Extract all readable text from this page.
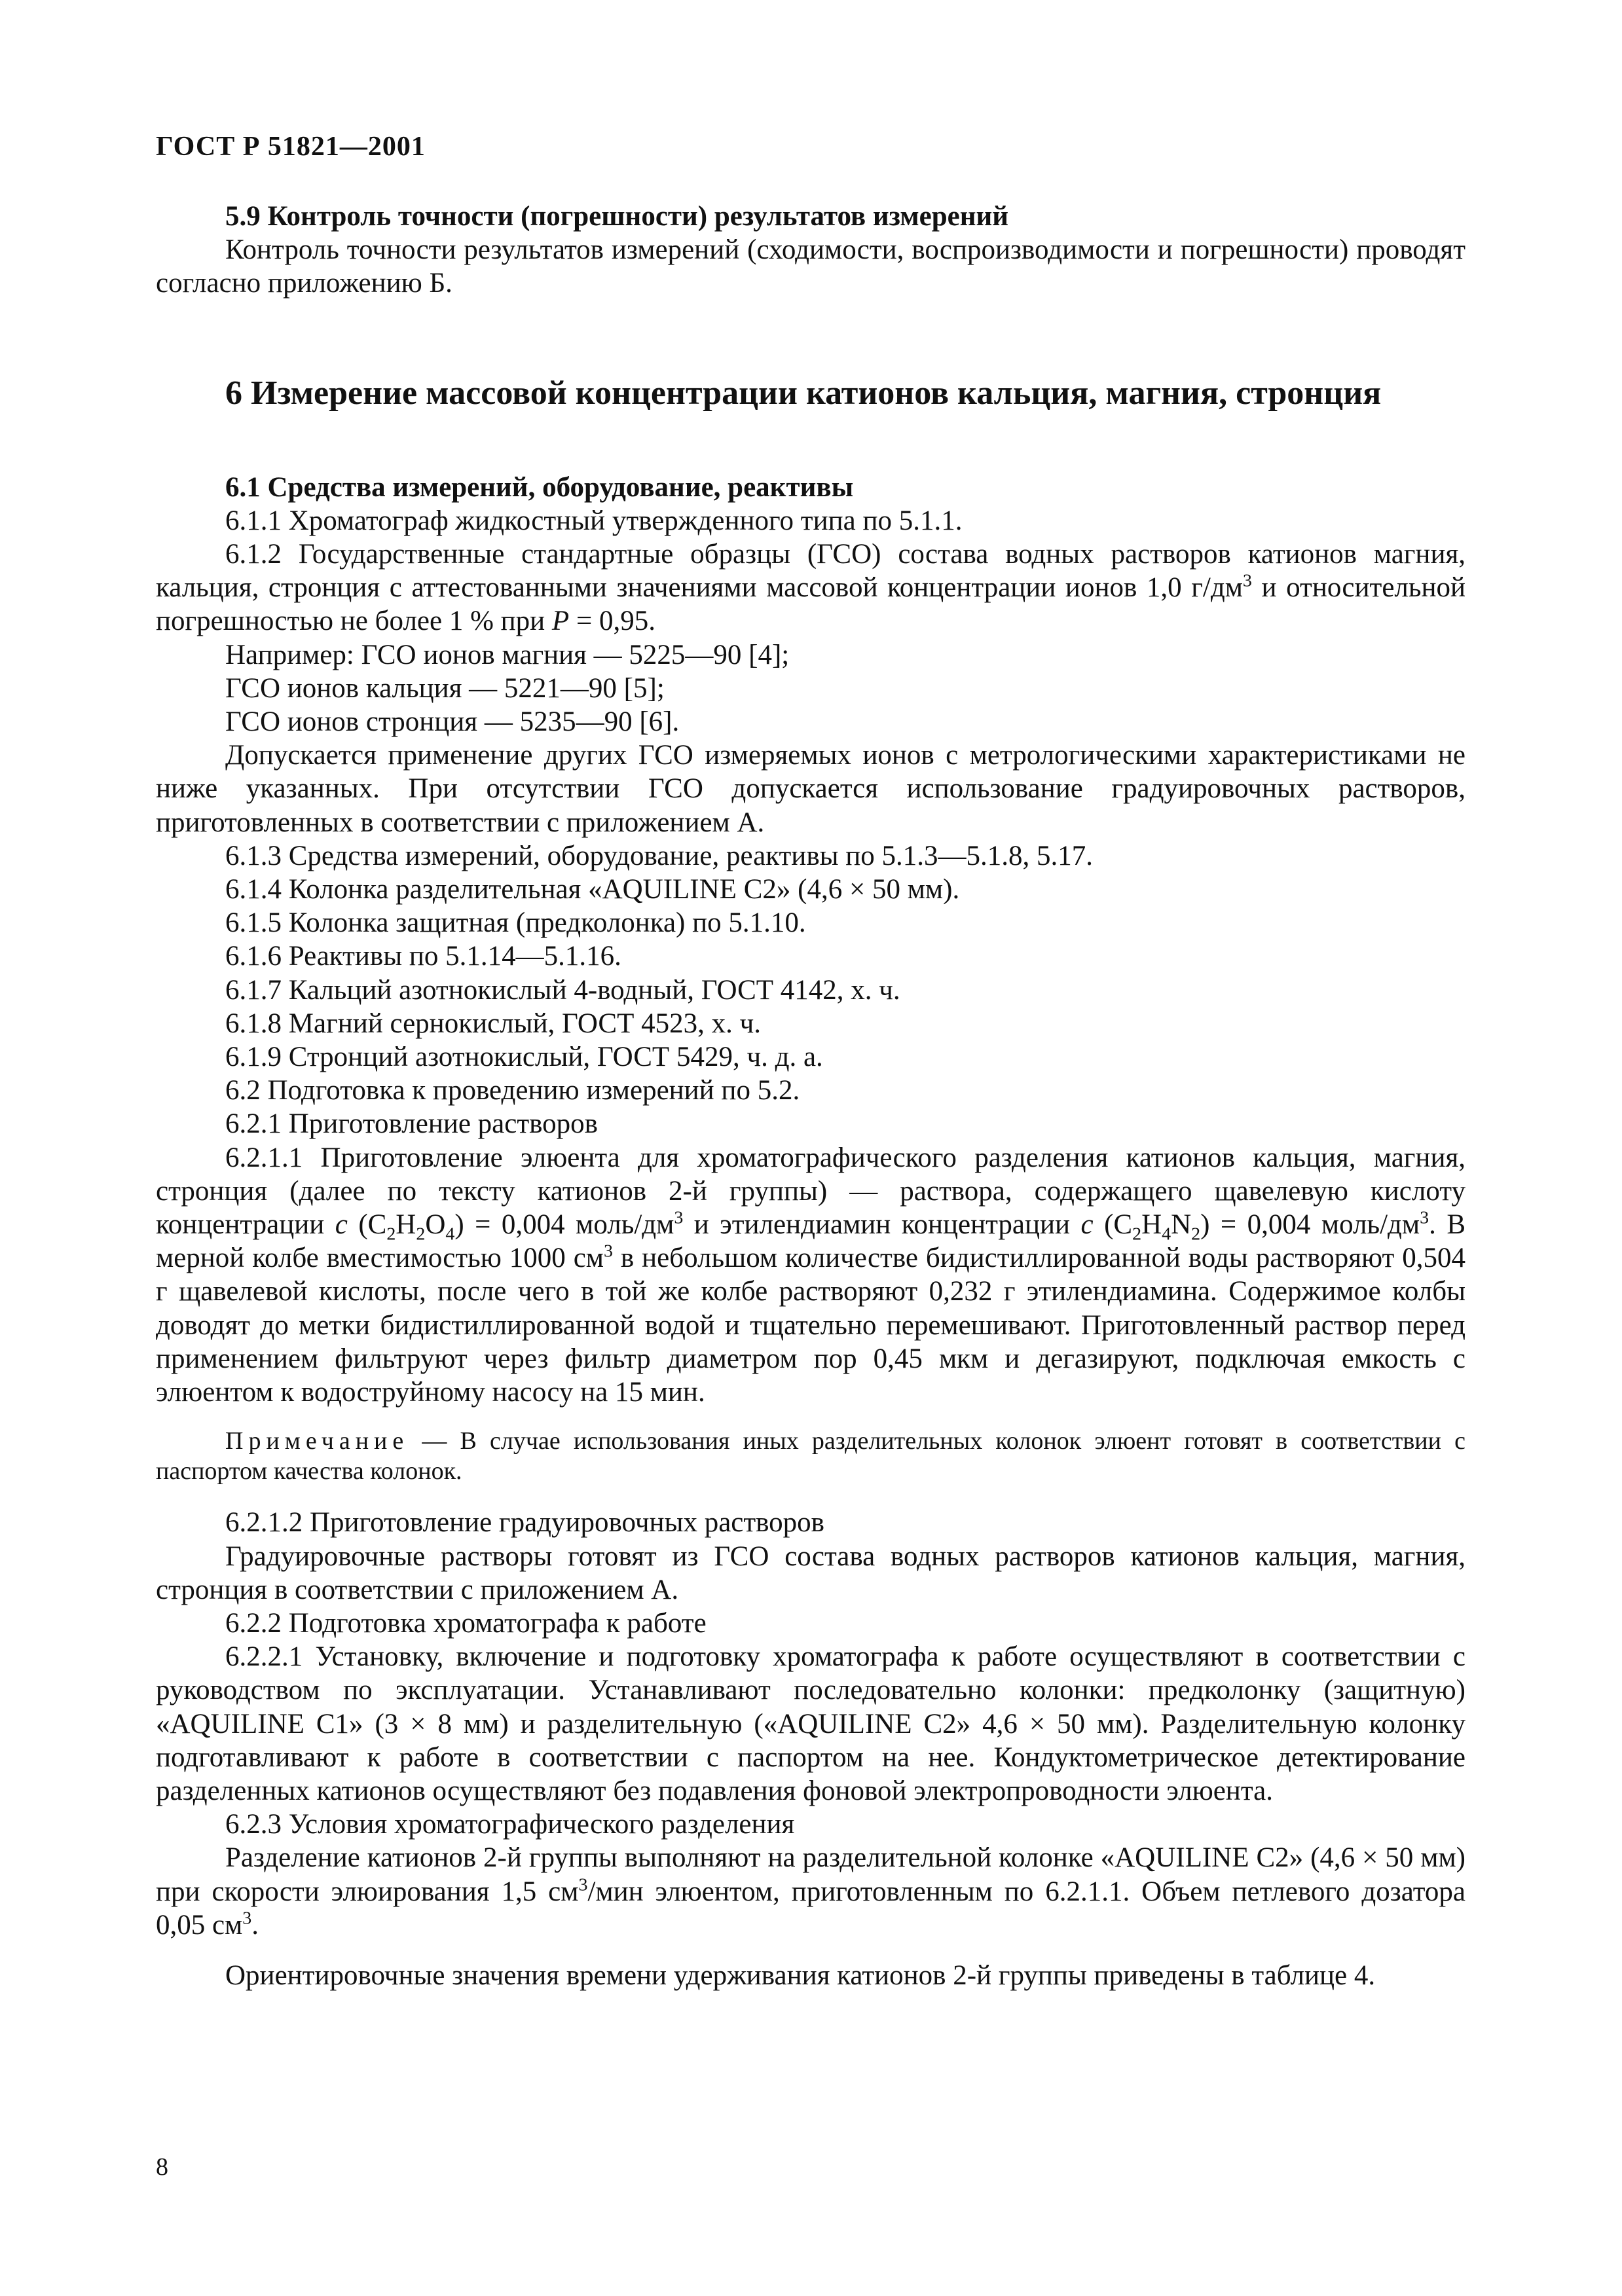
ГОСТ Р 51821—2001

5.9 Контроль точности (погрешности) результатов измерений

Контроль точности результатов измерений (сходимости, воспроизводимости и погрешности) проводят согласно приложению Б.

6 Измерение массовой концентрации катионов кальция, магния, стронция

6.1 Средства измерений, оборудование, реактивы

6.1.1 Хроматограф жидкостный утвержденного типа по 5.1.1.

6.1.2 Государственные стандартные образцы (ГСО) состава водных растворов катионов магния, кальция, стронция с аттестованными значениями массовой концентрации ионов 1,0 $г/дм^3$ и относительной погрешностью не более 1 % при P = 0,95.

Например: ГСО ионов магния — 5225—90 [4];

ГСО ионов кальция — 5221—90 [5];

ГСО ионов стронция — 5235—90 [6].

Допускается применение других ГСО измеряемых ионов с метрологическими характеристиками не ниже указанных. При отсутствии ГСО допускается использование градуировочных растворов, приготовленных в соответствии с приложением А.

6.1.3 Средства измерений, оборудование, реактивы по 5.1.3—5.1.8, 5.17.

6.1.4 Колонка разделительная «AQUILINE C2» (4,6 × 50 мм).

6.1.5 Колонка защитная (предколонка) по 5.1.10.

6.1.6 Реактивы по 5.1.14—5.1.16.

6.1.7 Кальций азотнокислый 4-водный, ГОСТ 4142, х. ч.

6.1.8 Магний сернокислый, ГОСТ 4523, х. ч.

6.1.9 Стронций азотнокислый, ГОСТ 5429, ч. д. а.

6.2 Подготовка к проведению измерений по 5.2.

6.2.1 Приготовление растворов

6.2.1.1 Приготовление элюента для хроматографического разделения катионов кальция, магния, стронция (далее по тексту катионов 2-й группы) — раствора, содержащего щавелевую кислоту концентрации c $(C_2H_2O_4) = 0,004$ моль/$дм^3$ и этилендиамин концентрации c $(C_2H_4N_2) = 0,004$ моль/$дм^3$. В мерной колбе вместимостью 1000 $см^3$ в небольшом количестве бидистиллированной воды растворяют 0,504 г щавелевой кислоты, после чего в той же колбе растворяют 0,232 г этилендиамина. Содержимое колбы доводят до метки бидистиллированной водой и тщательно перемешивают. Приготовленный раствор перед применением фильтруют через фильтр диаметром пор 0,45 мкм и дегазируют, подключая емкость с элюентом к водоструйному насосу на 15 мин.

Примечание — В случае использования иных разделительных колонок элюент готовят в соответствии с паспортом качества колонок.

6.2.1.2 Приготовление градуировочных растворов

Градуировочные растворы готовят из ГСО состава водных растворов катионов кальция, магния, стронция в соответствии с приложением А.

6.2.2 Подготовка хроматографа к работе

6.2.2.1 Установку, включение и подготовку хроматографа к работе осуществляют в соответствии с руководством по эксплуатации. Устанавливают последовательно колонки: предколонку (защитную) «AQUILINE C1» (3 × 8 мм) и разделительную («AQUILINE C2» 4,6 × 50 мм). Разделительную колонку подготавливают к работе в соответствии с паспортом на нее. Кондуктометрическое детектирование разделенных катионов осуществляют без подавления фоновой электропроводности элюента.

6.2.3 Условия хроматографического разделения

Разделение катионов 2-й группы выполняют на разделительной колонке «AQUILINE C2» (4,6 × 50 мм) при скорости элюирования 1,5 $см^3$/мин элюентом, приготовленным по 6.2.1.1. Объем петлевого дозатора 0,05 $см^3$.

Ориентировочные значения времени удерживания катионов 2-й группы приведены в таблице 4.

8
